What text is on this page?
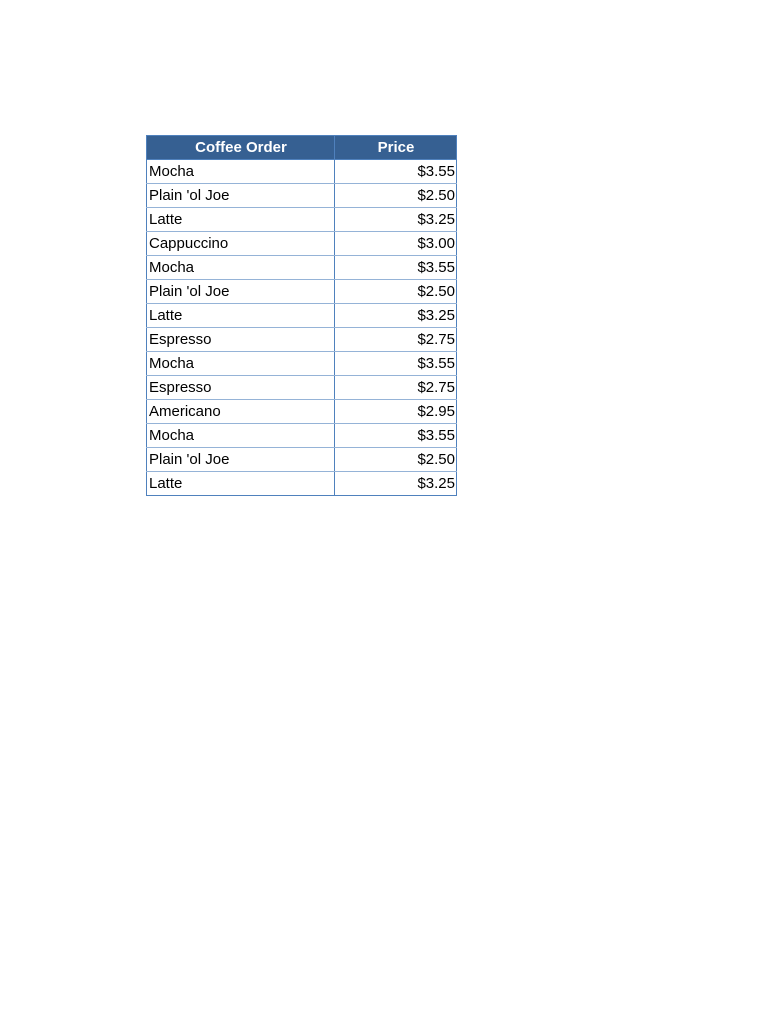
Coffee Order	Price
Mocha	$3.55
Plain 'ol Joe	$2.50
Latte	$3.25
Cappuccino	$3.00
Mocha	$3.55
Plain 'ol Joe	$2.50
Latte	$3.25
Espresso	$2.75
Mocha	$3.55
Espresso	$2.75
Americano	$2.95
Mocha	$3.55
Plain 'ol Joe	$2.50
Latte	$3.25
